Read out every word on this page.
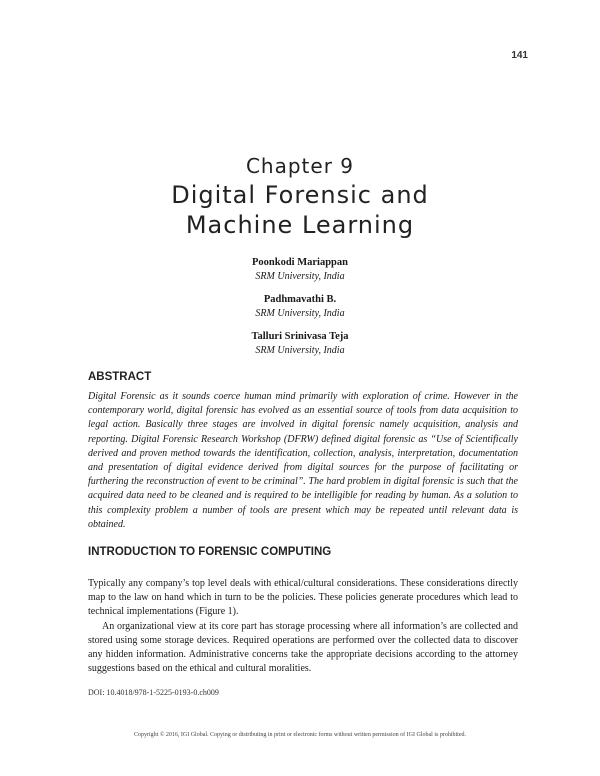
141
Chapter 9
Digital Forensic and
Machine Learning
Poonkodi Mariappan
SRM University, India
Padhmavathi B.
SRM University, India
Talluri Srinivasa Teja
SRM University, India
ABSTRACT

Digital Forensic as it sounds coerce human mind primarily with exploration of crime. However in the contemporary world, digital forensic has evolved as an essential source of tools from data acquisition to legal action. Basically three stages are involved in digital forensic namely acquisition, analysis and reporting. Digital Forensic Research Workshop (DFRW) defined digital forensic as “Use of Scientifically derived and proven method towards the identification, collection, analysis, interpretation, documentation and presentation of digital evidence derived from digital sources for the purpose of facilitating or furthering the reconstruction of event to be criminal”. The hard problem in digital forensic is such that the acquired data need to be cleaned and is required to be intelligible for reading by human. As a solution to this complexity problem a number of tools are present which may be repeated until relevant data is obtained.

INTRODUCTION TO FORENSIC COMPUTING

Typically any company’s top level deals with ethical/cultural considerations. These considerations directly map to the law on hand which in turn to be the policies. These policies generate procedures which lead to technical implementations (Figure 1).

An organizational view at its core part has storage processing where all information’s are collected and stored using some storage devices. Required operations are performed over the collected data to discover any hidden information. Administrative concerns take the appropriate decisions according to the attorney suggestions based on the ethical and cultural moralities.

DOI: 10.4018/978-1-5225-0193-0.ch009
Copyright © 2016, IGI Global. Copying or distributing in print or electronic forms without written permission of IGI Global is prohibited.
